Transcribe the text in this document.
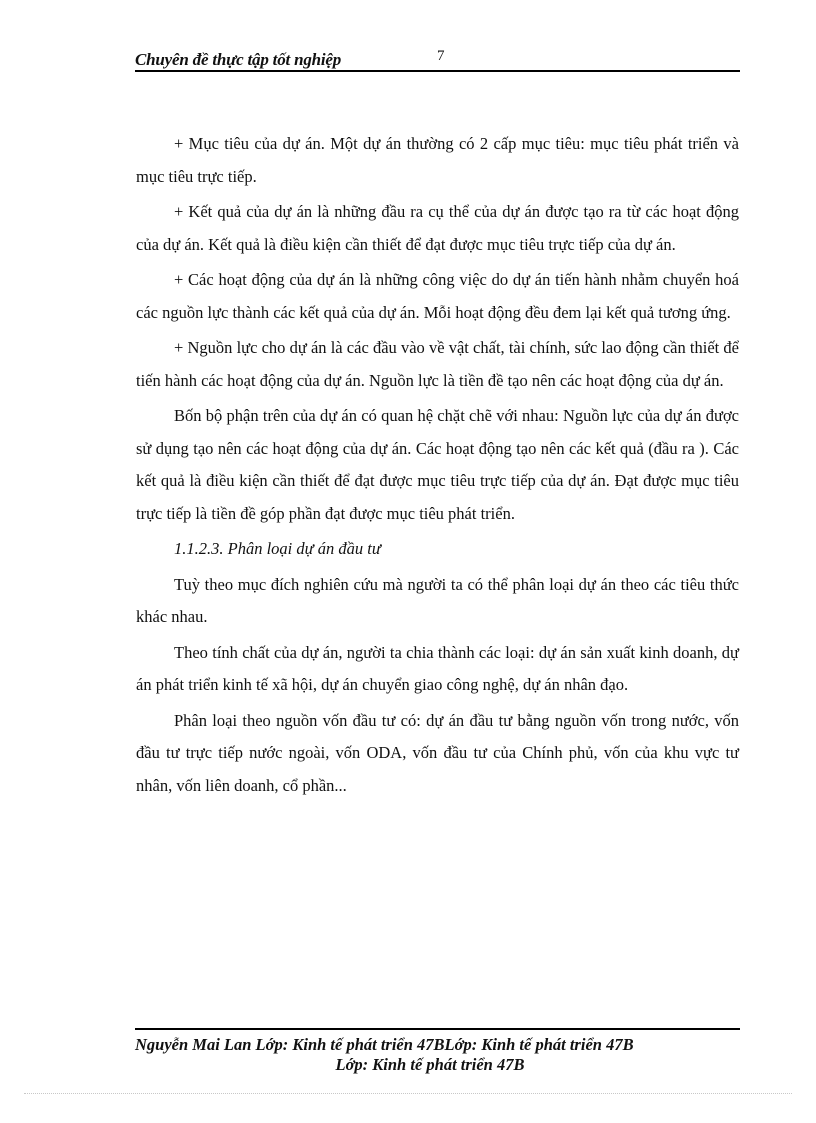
Chuyên đề thực tập tốt nghiệp	7

+ Mục tiêu của dự án. Một dự án thường có 2 cấp mục tiêu: mục tiêu phát triển và mục tiêu trực tiếp.

+ Kết quả của dự án là những đầu ra cụ thể của dự án được tạo ra từ các hoạt động của dự án. Kết quả là điều kiện cần thiết để đạt được mục tiêu trực tiếp của dự án.

+ Các hoạt động của dự án là những công việc do dự án tiến hành nhằm chuyển hoá các nguồn lực thành các kết quả của dự án. Mỗi hoạt động đều đem lại kết quả tương ứng.

+ Nguồn lực cho dự án là các đầu vào về vật chất, tài chính, sức lao động cần thiết để tiến hành các hoạt động của dự án. Nguồn lực là tiền đề tạo nên các hoạt động của dự án.

Bốn bộ phận trên của dự án có quan hệ chặt chẽ với nhau: Nguồn lực của dự án được sử dụng tạo nên các hoạt động của dự án. Các hoạt động tạo nên các kết quả (đầu ra ). Các kết quả là điều kiện cần thiết để đạt được mục tiêu trực tiếp của dự án. Đạt được mục tiêu trực tiếp là tiền đề góp phần đạt được mục tiêu phát triển.

1.1.2.3. Phân loại dự án đầu tư

Tuỳ theo mục đích nghiên cứu mà người ta có thể phân loại dự án theo các tiêu thức khác nhau.

Theo tính chất của dự án, người ta chia thành các loại: dự án sản xuất kinh doanh, dự án phát triển kinh tế xã hội, dự án chuyển giao công nghệ, dự án nhân đạo.

Phân loại theo nguồn vốn đầu tư có: dự án đầu tư bằng nguồn vốn trong nước, vốn đầu tư trực tiếp nước ngoài, vốn ODA, vốn đầu tư của Chính phủ, vốn của khu vực tư nhân, vốn liên doanh, cổ phần...

Nguyễn Mai Lan Lớp: Kinh tế phát triển 47BLớp: Kinh tế phát triển 47B
Lớp: Kinh tế phát triển 47B
